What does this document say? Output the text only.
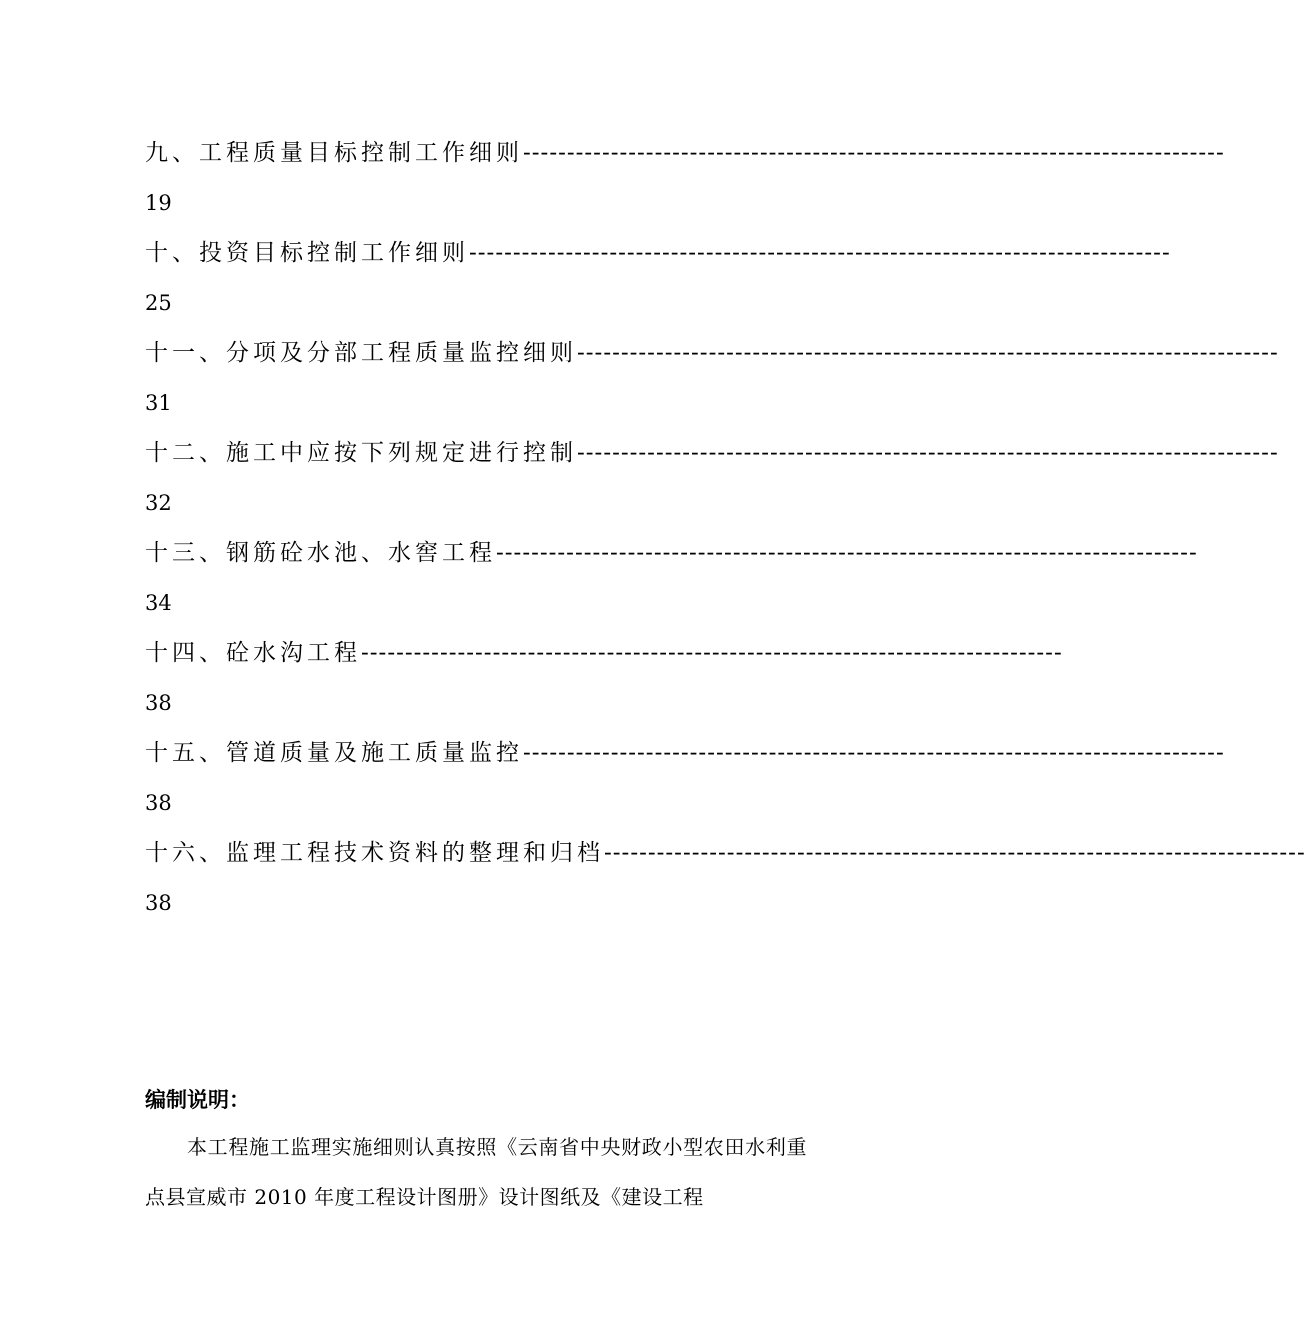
九、工程质量目标控制工作细则 --------------------------------------------------------------------------------
19
十、投资目标控制工作细则 --------------------------------------------------------------------------------
25
十一、分项及分部工程质量监控细则 --------------------------------------------------------------------------------
31
十二、施工中应按下列规定进行控制 --------------------------------------------------------------------------------
32
十三、钢筋砼水池、水窖工程 --------------------------------------------------------------------------------
34
十四、砼水沟工程 --------------------------------------------------------------------------------
38
十五、管道质量及施工质量监控 --------------------------------------------------------------------------------
38
十六、监理工程技术资料的整理和归档 --------------------------------------------------------------------------------
38
编制说明：

本工程施工监理实施细则认真按照《云南省中央财政小型农田水利重点县宣威市 2010 年度工程设计图册》设计图纸及《建设工程
